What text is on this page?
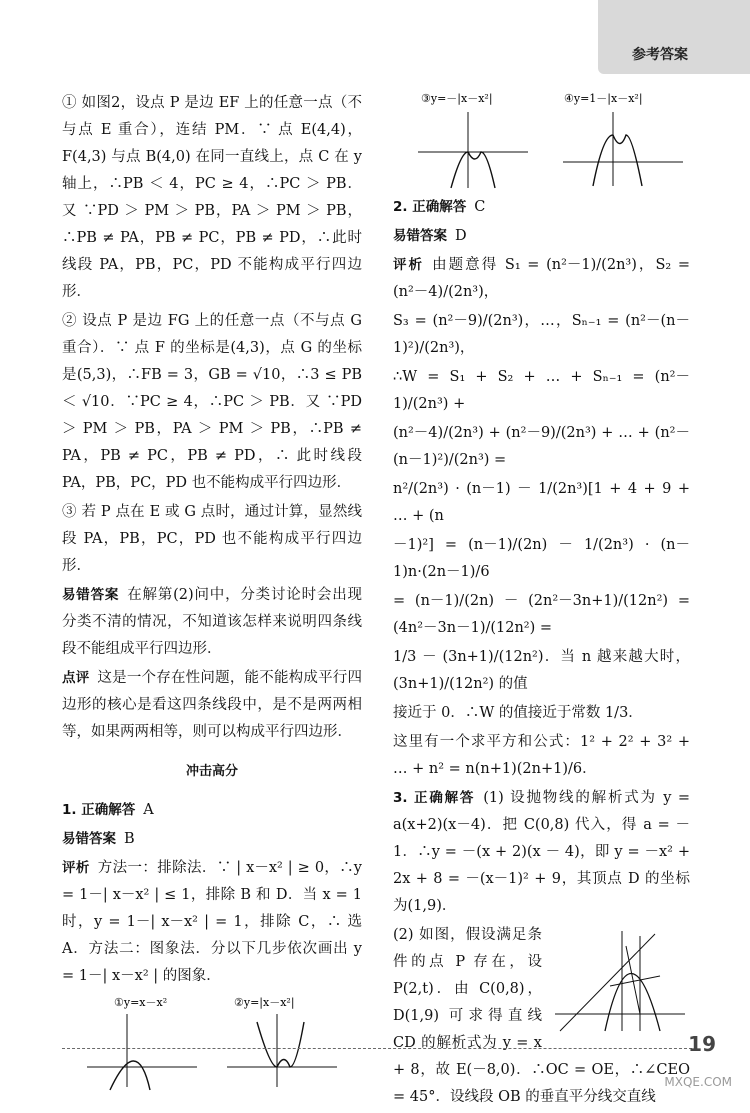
参考答案

① 如图2，设点 P 是边 EF 上的任意一点（不与点 E 重合），连结 PM．∵ 点 E(4,4)，F(4,3) 与点 B(4,0) 在同一直线上，点 C 在 y 轴上，∴PB ＜ 4，PC ≥ 4，∴PC ＞ PB．又 ∵PD ＞ PM ＞ PB，PA ＞ PM ＞ PB，∴PB ≠ PA，PB ≠ PC，PB ≠ PD，∴此时线段 PA，PB，PC，PD 不能构成平行四边形．

② 设点 P 是边 FG 上的任意一点（不与点 G 重合）．∵ 点 F 的坐标是(4,3)，点 G 的坐标是(5,3)，∴FB = 3，GB = √10，∴3 ≤ PB ＜ √10．∵PC ≥ 4，∴PC ＞ PB．又 ∵PD ＞ PM ＞ PB，PA ＞ PM ＞ PB，∴PB ≠ PA，PB ≠ PC，PB ≠ PD，∴ 此时线段 PA，PB，PC，PD 也不能构成平行四边形．

③ 若 P 点在 E 或 G 点时，通过计算，显然线段 PA，PB，PC，PD 也不能构成平行四边形．

易错答案 在解第(2)问中，分类讨论时会出现分类不清的情况，不知道该怎样来说明四条线段不能组成平行四边形．

点评 这是一个存在性问题，能不能构成平行四边形的核心是看这四条线段中，是不是两两相等，如果两两相等，则可以构成平行四边形．

冲击高分

1. 正确解答 A

易错答案 B

评析 方法一：排除法．∵ | x－x² | ≥ 0，∴y = 1－| x－x² | ≤ 1，排除 B 和 D．当 x = 1 时，y = 1－| x－x² | = 1，排除 C，∴ 选 A．方法二：图象法．分以下几步依次画出 y = 1－| x－x² | 的图象．

①y=x－x²	②y=|x－x²|
③y=－|x－x²|	④y=1－|x－x²|

2. 正确解答 C

易错答案 D

评析 由题意得 S₁ = (n²－1)/(2n³)，S₂ = (n²－4)/(2n³)，

S₃ = (n²－9)/(2n³)，…，Sₙ₋₁ = (n²－(n－1)²)/(2n³)，

∴W = S₁ + S₂ + … + Sₙ₋₁ = (n²－1)/(2n³) +

(n²－4)/(2n³) + (n²－9)/(2n³) + … + (n²－(n－1)²)/(2n³) =

n²/(2n³) · (n－1) － 1/(2n³)[1 + 4 + 9 + … + (n

－1)²] = (n－1)/(2n) － 1/(2n³) · (n－1)n·(2n－1)/6

= (n－1)/(2n) － (2n²－3n+1)/(12n²) = (4n²－3n－1)/(12n²) =

1/3 － (3n+1)/(12n²)．当 n 越来越大时，(3n+1)/(12n²) 的值

接近于 0．∴W 的值接近于常数 1/3．

这里有一个求平方和公式：1² + 2² + 3² + … + n² = n(n+1)(2n+1)/6．

3. 正确解答 (1) 设抛物线的解析式为 y = a(x+2)(x－4)．把 C(0,8) 代入，得 a = －1．∴y = －(x + 2)(x － 4)，即 y = －x² + 2x + 8 = －(x－1)² + 9，其顶点 D 的坐标为(1,9)．

(2) 如图，假设满足条件的点 P 存在，设 P(2,t)．由 C(0,8)，D(1,9) 可求得直线 CD 的解析式为 y = x + 8，故 E(－8,0)．∴OC = OE，∴∠CEO = 45°．设线段 OB 的垂直平分线交直线

19
MXQE.COM
